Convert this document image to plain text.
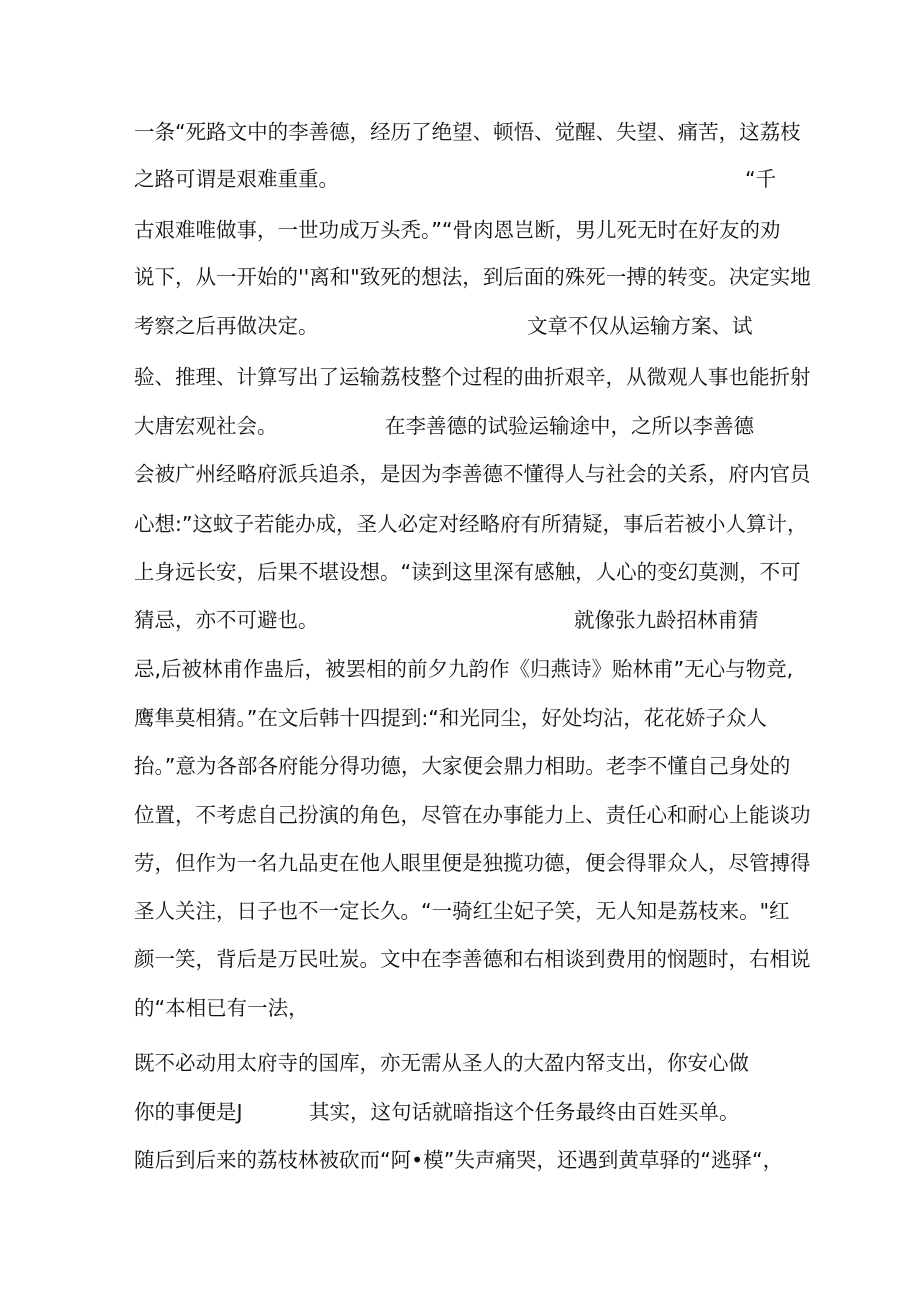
一条“死路文中的李善德，经历了绝望、顿悟、觉醒、失望、痛苦，这荔枝

之路可谓是艰难重重。	“千

古艰难唯做事，一世功成万头秃。”“骨肉恩岂断，男儿死无时在好友的劝

说下，从一开始的''离和"致死的想法，到后面的殊死一搏的转变。决定实地

考察之后再做决定。	文章不仅从运输方案、试

验、推理、计算写出了运输荔枝整个过程的曲折艰辛，从微观人事也能折射

大唐宏观社会。	在李善德的试验运输途中，之所以李善德

会被广州经略府派兵追杀，是因为李善德不懂得人与社会的关系，府内官员

心想:”这蚊子若能办成，圣人必定对经略府有所猜疑，事后若被小人算计，

上身远长安，后果不堪设想。“读到这里深有感触，人心的变幻莫测，不可

猜忌，亦不可避也。	就像张九龄招林甫猜

忌,后被林甫作蛊后，被罢相的前夕九韵作《归燕诗》贻林甫”无心与物竞,

鹰隼莫相猜。”在文后韩十四提到:“和光同尘，好处均沾，花花娇子众人

抬。”意为各部各府能分得功德，大家便会鼎力相助。老李不懂自己身处的

位置，不考虑自己扮演的角色，尽管在办事能力上、责任心和耐心上能谈功

劳，但作为一名九品吏在他人眼里便是独揽功德，便会得罪众人，尽管搏得

圣人关注，日子也不一定长久。“一骑红尘妃子笑，无人知是荔枝来。"红

颜一笑，背后是万民吐炭。文中在李善德和右相谈到费用的悯题时，右相说

的“本相已有一法，

既不必动用太府寺的国库，亦无需从圣人的大盈内帑支出，你安心做

你的事便是J	其实，这句话就暗指这个任务最终由百姓买单。

随后到后来的荔枝林被砍而“阿•模”失声痛哭，还遇到黄草驿的“逃驿“，
